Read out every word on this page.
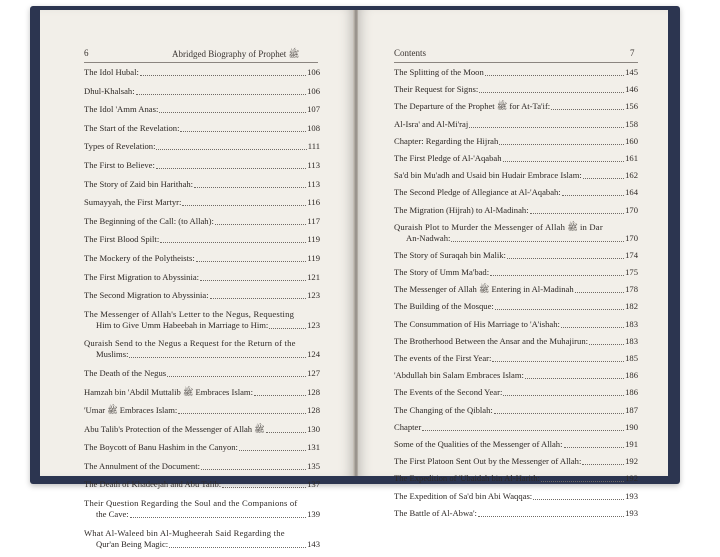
6	Abridged Biography of Prophet ﷺ
The Idol Hubal:	106
Dhul-Khalsah:	106
The Idol 'Amm Anas:	107
The Start of the Revelation:	108
Types of Revelation:	111
The First to Believe:	113
The Story of Zaid bin Harithah:	113
Sumayyah, the First Martyr:	116
The Beginning of the Call: (to Allah):	117
The First Blood Spilt:	119
The Mockery of the Polytheists:	119
The First Migration to Abyssinia:	121
The Second Migration to Abyssinia:	123
The Messenger of Allah's Letter to the Negus, Requesting
Him to Give Umm Habeebah in Marriage to Him:	123
Quraish Send to the Negus a Request for the Return of the
Muslims:	124
The Death of the Negus	127
Hamzah bin 'Abdil Muttalib ﷺ Embraces Islam:	128
'Umar ﷺ Embraces Islam:	128
Abu Talib's Protection of the Messenger of Allah ﷺ	130
The Boycott of Banu Hashim in the Canyon:	131
The Annulment of the Document:	135
The Death of Khadeejah and Abu Talib:	137
Their Question Regarding the Soul and the Companions of
the Cave:	139
What Al-Waleed bin Al-Mugheerah Said Regarding the
Qur'an Being Magic:	143
Contents	7
The Splitting of the Moon	145
Their Request for Signs:	146
The Departure of the Prophet ﷺ for At-Ta'if:	156
Al-Isra' and Al-Mi'raj	158
Chapter: Regarding the Hijrah	160
The First Pledge of Al-'Aqabah	161
Sa'd bin Mu'adh and Usaid bin Hudair Embrace Islam:	162
The Second Pledge of Allegiance at Al-'Aqabah:	164
The Migration (Hijrah) to Al-Madinah:	170
Quraish Plot to Murder the Messenger of Allah ﷺ in Dar
An-Nadwah:	170
The Story of Suraqah bin Malik:	174
The Story of Umm Ma'bad:	175
The Messenger of Allah ﷺ Entering in Al-Madinah	178
The Building of the Mosque:	182
The Consummation of His Marriage to 'A'ishah:	183
The Brotherhood Between the Ansar and the Muhajirun:	183
The events of the First Year:	185
'Abdullah bin Salam Embraces Islam:	186
The Events of the Second Year:	186
The Changing of the Qiblah:	187
Chapter	190
Some of the Qualities of the Messenger of Allah:	191
The First Platoon Sent Out by the Messenger of Allah:	192
The Expedition of 'Ubaidah bin Al-Harith:	192
The Expedition of Sa'd bin Abi Waqqas:	193
The Battle of Al-Abwa':	193
